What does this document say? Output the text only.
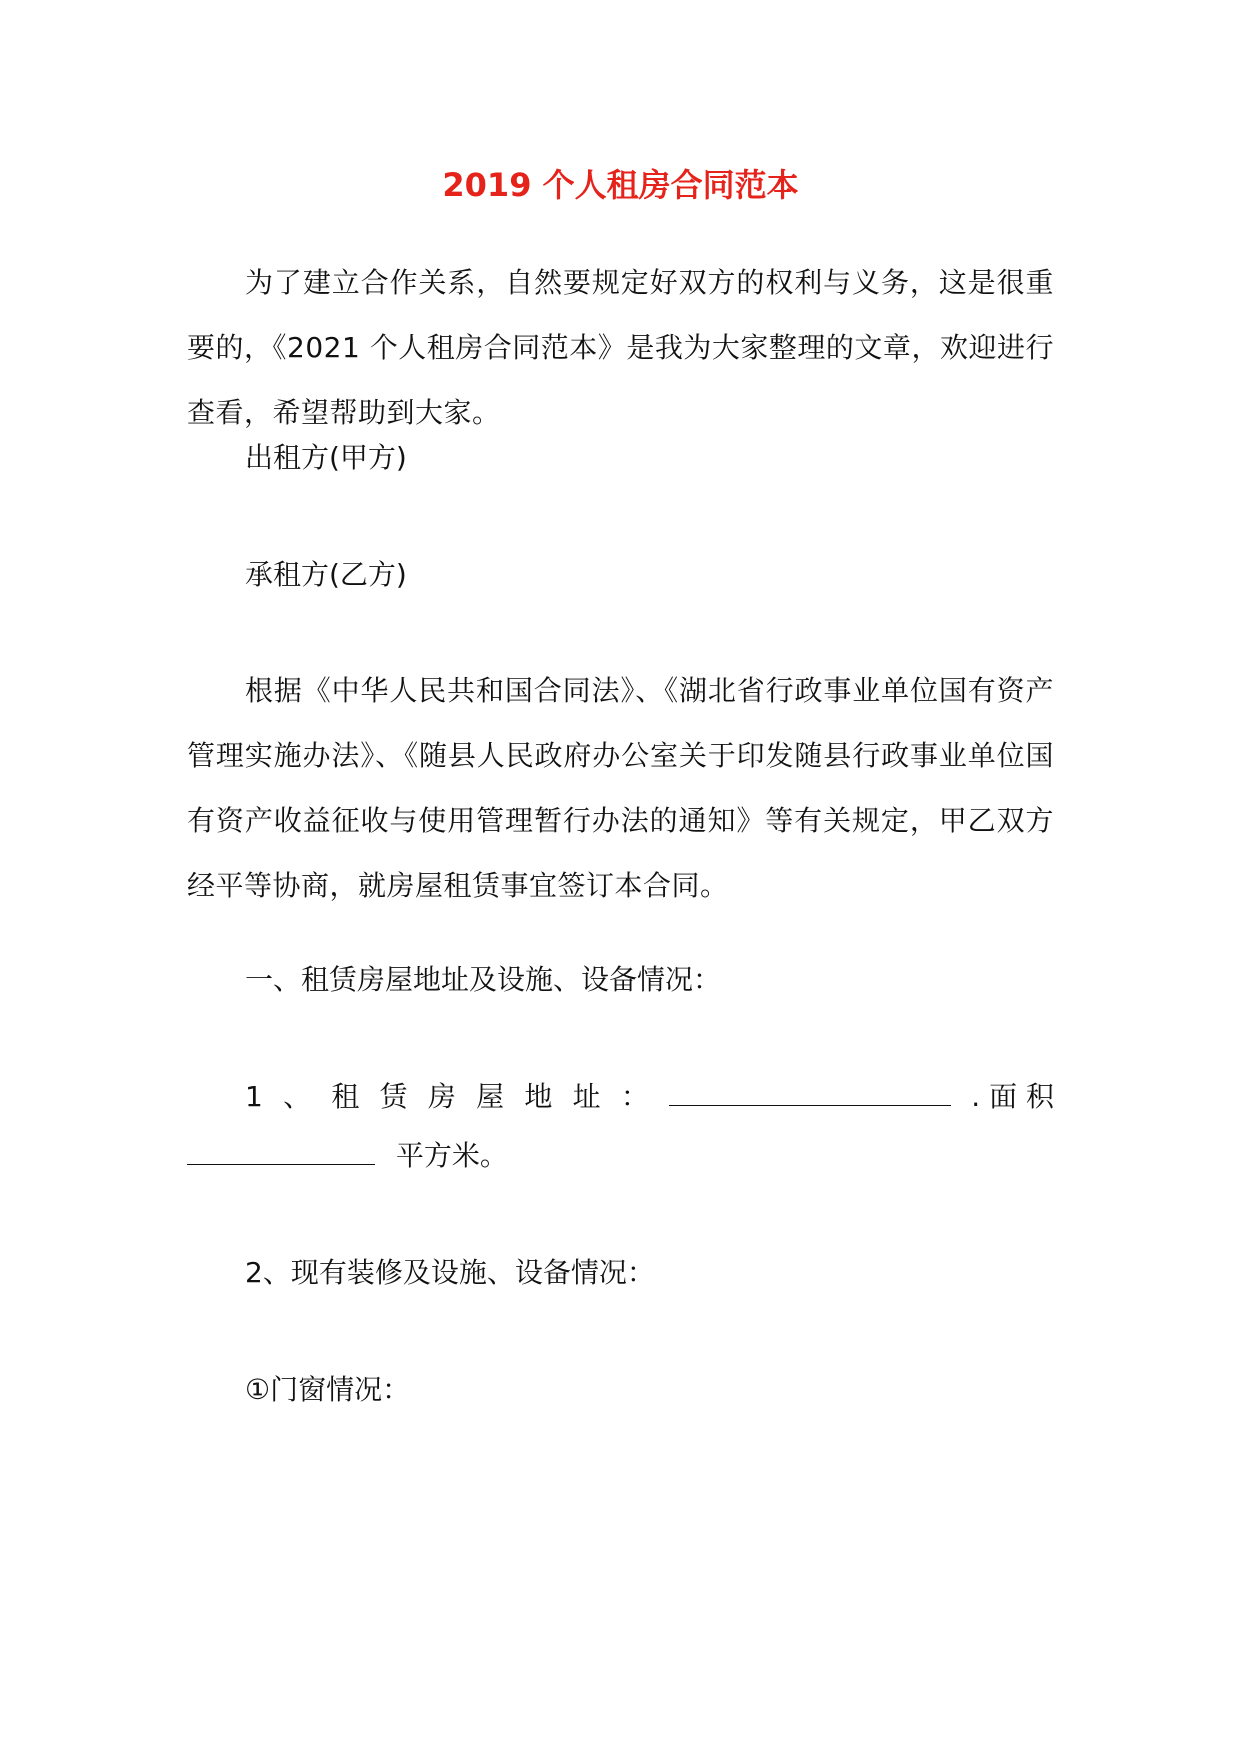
2019 个人租房合同范本
为了建立合作关系，自然要规定好双方的权利与义务，这是很重要的，《2021 个人租房合同范本》是我为大家整理的文章，欢迎进行查看，希望帮助到大家。
出租方(甲方)
承租方(乙方)
根据《中华人民共和国合同法》、《湖北省行政事业单位国有资产管理实施办法》、《随县人民政府办公室关于印发随县行政事业单位国有资产收益征收与使用管理暂行办法的通知》等有关规定，甲乙双方经平等协商，就房屋租赁事宜签订本合同。
一、租赁房屋地址及设施、设备情况：
1 、 租 赁 房 屋 地 址 ：	. 面 积
平方米。
2、现有装修及设施、设备情况：
①门窗情况：
